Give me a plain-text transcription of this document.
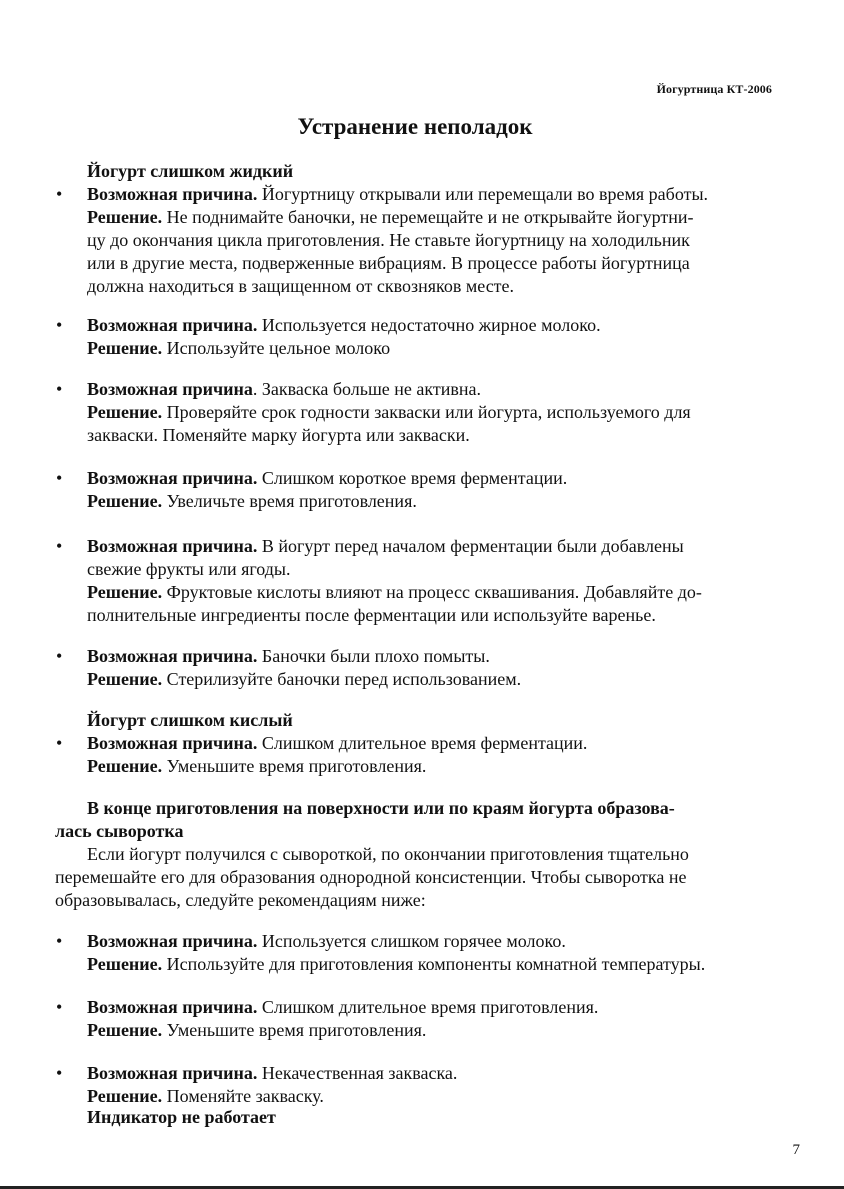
Йогуртница КТ-2006
Устранение неполадок
Йогурт слишком жидкий
• Возможная причина. Йогуртницу открывали или перемещали во время работы.
Решение. Не поднимайте баночки, не перемещайте и не открывайте йогуртни-
цу до окончания цикла приготовления. Не ставьте йогуртницу на холодильник
или в другие места, подверженные вибрациям. В процессе работы йогуртница
должна находиться в защищенном от сквозняков месте.
• Возможная причина. Используется недостаточно жирное молоко.
Решение. Используйте цельное молоко
• Возможная причина. Закваска больше не активна.
Решение. Проверяйте срок годности закваски или йогурта, используемого для
закваски. Поменяйте марку йогурта или закваски.
• Возможная причина. Слишком короткое время ферментации.
Решение. Увеличьте время приготовления.
• Возможная причина. В йогурт перед началом ферментации были добавлены
свежие фрукты или ягоды.
Решение. Фруктовые кислоты влияют на процесс сквашивания. Добавляйте до-
полнительные ингредиенты после ферментации или используйте варенье.
• Возможная причина. Баночки были плохо помыты.
Решение. Стерилизуйте баночки перед использованием.
Йогурт слишком кислый
• Возможная причина. Слишком длительное время ферментации.
Решение. Уменьшите время приготовления.
В конце приготовления на поверхности или по краям йогурта образова-
лась сыворотка
Если йогурт получился с сывороткой, по окончании приготовления тщательно
перемешайте его для образования однородной консистенции. Чтобы сыворотка не
образовывалась, следуйте рекомендациям ниже:
• Возможная причина. Используется слишком горячее молоко.
Решение. Используйте для приготовления компоненты комнатной температуры.
• Возможная причина. Слишком длительное время приготовления.
Решение. Уменьшите время приготовления.
• Возможная причина. Некачественная закваска.
Решение. Поменяйте закваску.
Индикатор не работает
7
